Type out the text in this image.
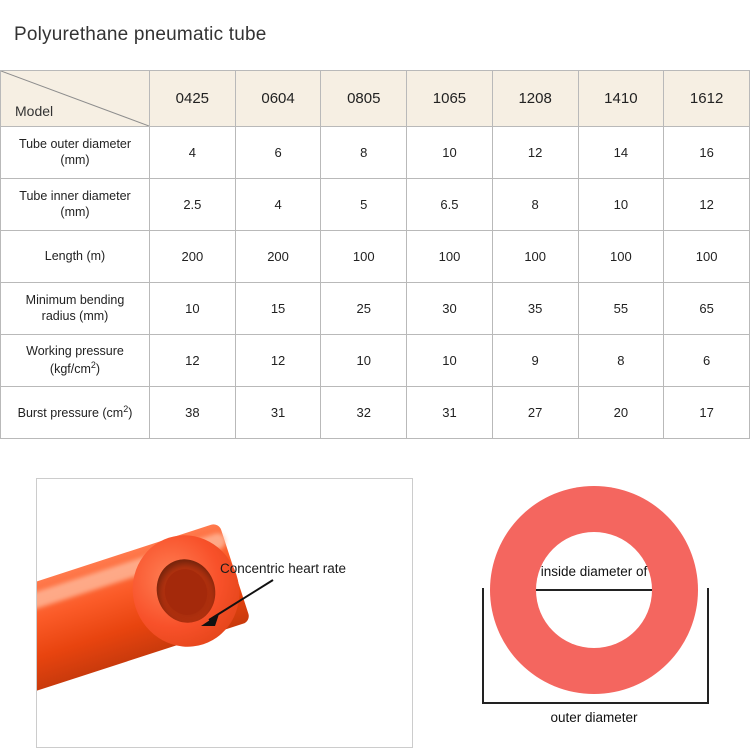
Polyurethane pneumatic tube
Model	0425	0604	0805	1065	1208	1410	1612
Tube outer diameter
(mm)	4	6	8	10	12	14	16
Tube inner diameter
(mm)	2.5	4	5	6.5	8	10	12
Length (m)	200	200	100	100	100	100	100
Minimum bending
radius (mm)	10	15	25	30	35	55	65
Working pressure
$(kgf/cm^2)$	12	12	10	10	9	8	6
Burst pressure $(cm^2)$	38	31	32	31	27	20	17
Concentric heart rate	inside diameter of
outer diameter
